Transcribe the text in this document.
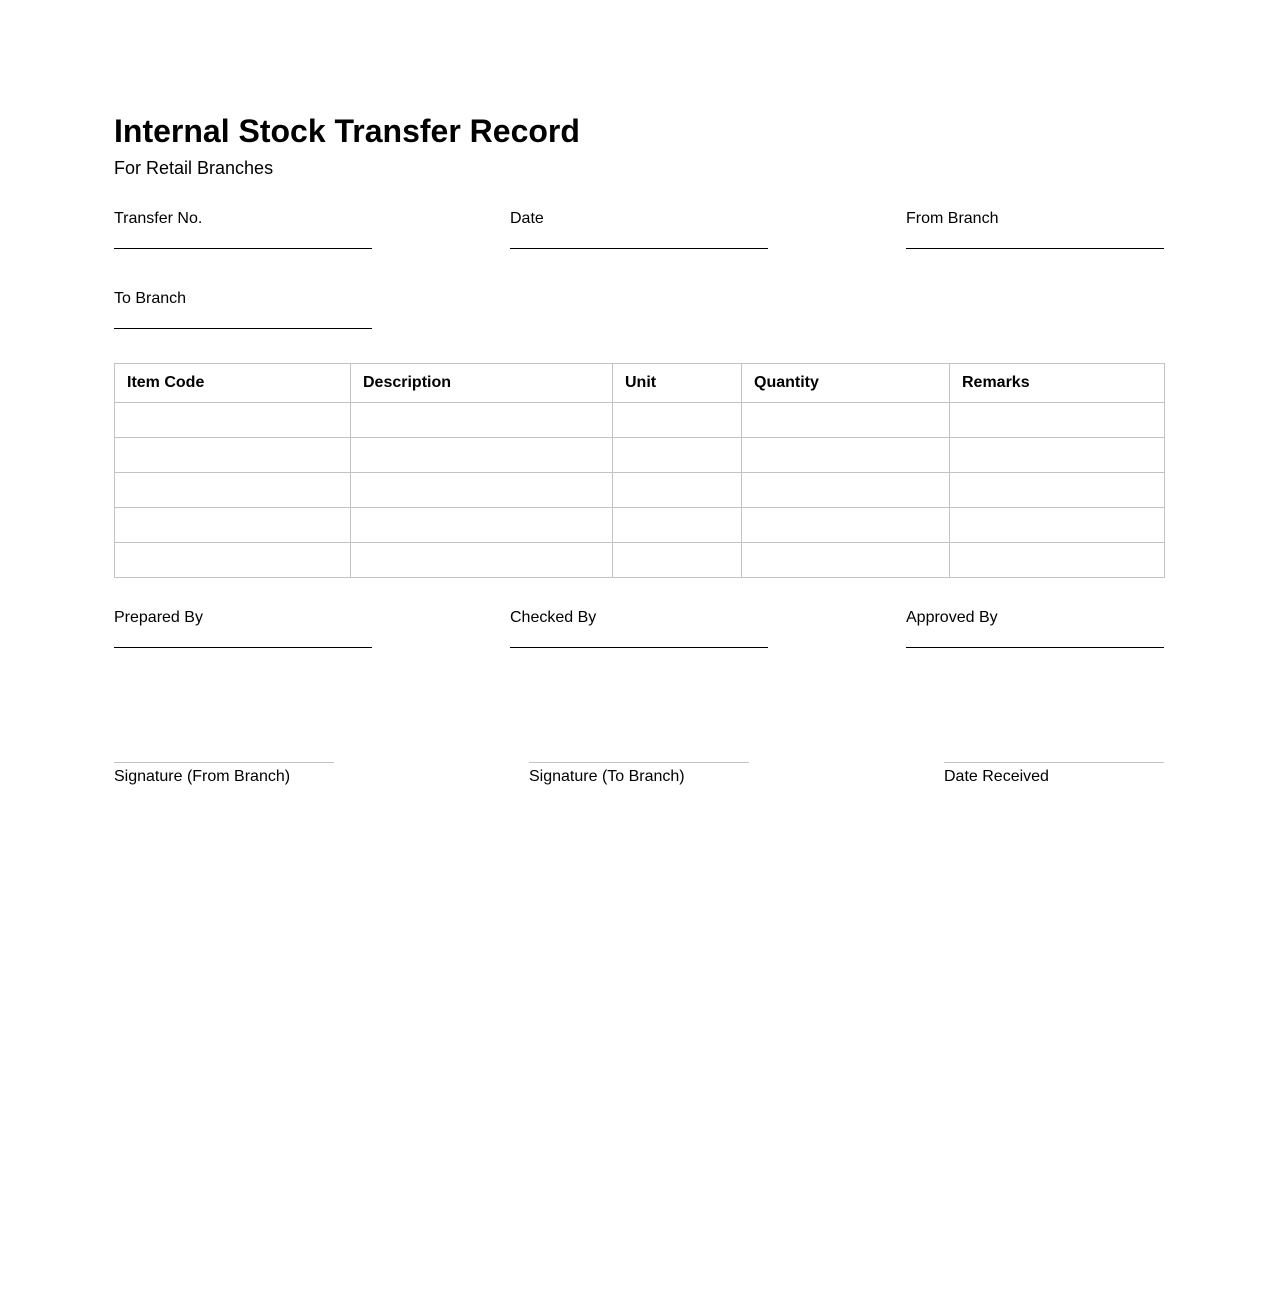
Internal Stock Transfer Record
For Retail Branches
Transfer No.	Date	From Branch
To Branch
Item Code	Description	Unit	Quantity	Remarks

Prepared By	Checked By	Approved By
Signature (From Branch)	Signature (To Branch)	Date Received
